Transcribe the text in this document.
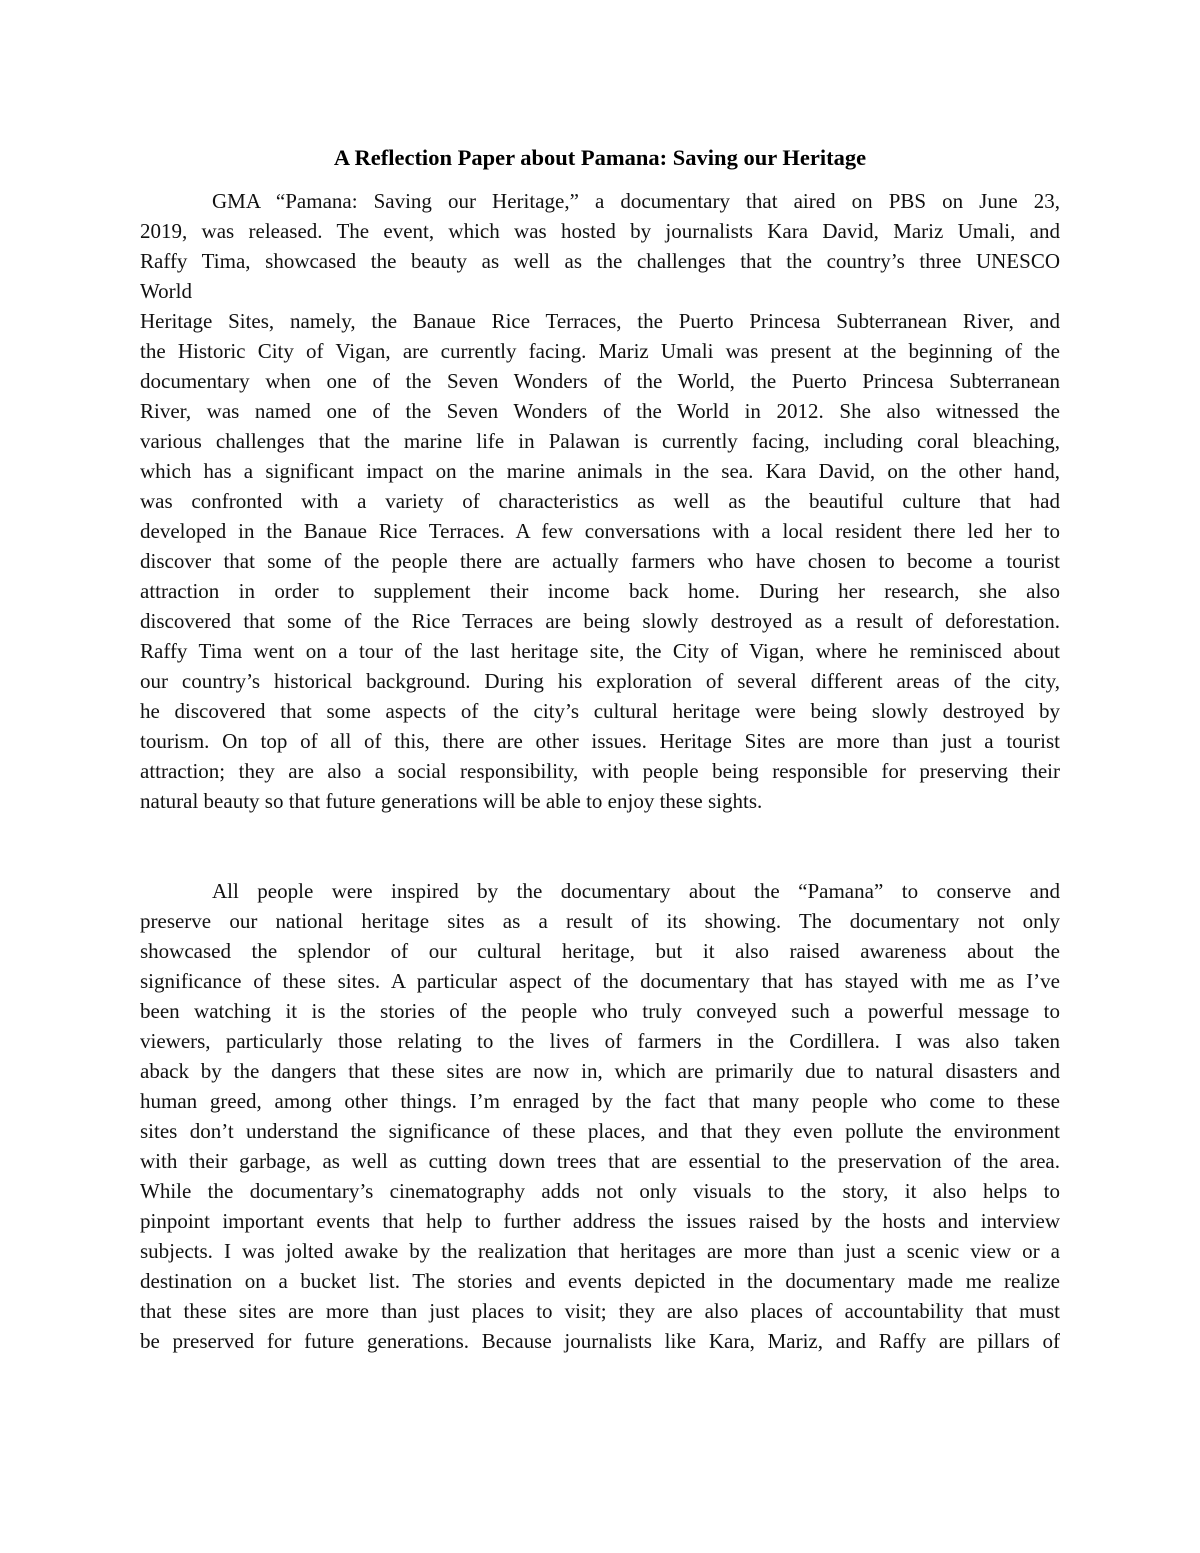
A Reflection Paper about Pamana: Saving our Heritage
GMA “Pamana: Saving our Heritage,” a documentary that aired on PBS on June 23,
2019, was released. The event, which was hosted by journalists Kara David, Mariz Umali, and
Raffy Tima, showcased the beauty as well as the challenges that the country’s three UNESCO
World
Heritage Sites, namely, the Banaue Rice Terraces, the Puerto Princesa Subterranean River, and
the Historic City of Vigan, are currently facing. Mariz Umali was present at the beginning of the
documentary when one of the Seven Wonders of the World, the Puerto Princesa Subterranean
River, was named one of the Seven Wonders of the World in 2012. She also witnessed the
various challenges that the marine life in Palawan is currently facing, including coral bleaching,
which has a significant impact on the marine animals in the sea. Kara David, on the other hand,
was confronted with a variety of characteristics as well as the beautiful culture that had
developed in the Banaue Rice Terraces. A few conversations with a local resident there led her to
discover that some of the people there are actually farmers who have chosen to become a tourist
attraction in order to supplement their income back home. During her research, she also
discovered that some of the Rice Terraces are being slowly destroyed as a result of deforestation.
Raffy Tima went on a tour of the last heritage site, the City of Vigan, where he reminisced about
our country’s historical background. During his exploration of several different areas of the city,
he discovered that some aspects of the city’s cultural heritage were being slowly destroyed by
tourism. On top of all of this, there are other issues. Heritage Sites are more than just a tourist
attraction; they are also a social responsibility, with people being responsible for preserving their
natural beauty so that future generations will be able to enjoy these sights.
All people were inspired by the documentary about the “Pamana” to conserve and
preserve our national heritage sites as a result of its showing. The documentary not only
showcased the splendor of our cultural heritage, but it also raised awareness about the
significance of these sites. A particular aspect of the documentary that has stayed with me as I’ve
been watching it is the stories of the people who truly conveyed such a powerful message to
viewers, particularly those relating to the lives of farmers in the Cordillera. I was also taken
aback by the dangers that these sites are now in, which are primarily due to natural disasters and
human greed, among other things. I’m enraged by the fact that many people who come to these
sites don’t understand the significance of these places, and that they even pollute the environment
with their garbage, as well as cutting down trees that are essential to the preservation of the area.
While the documentary’s cinematography adds not only visuals to the story, it also helps to
pinpoint important events that help to further address the issues raised by the hosts and interview
subjects. I was jolted awake by the realization that heritages are more than just a scenic view or a
destination on a bucket list. The stories and events depicted in the documentary made me realize
that these sites are more than just places to visit; they are also places of accountability that must
be preserved for future generations. Because journalists like Kara, Mariz, and Raffy are pillars of
